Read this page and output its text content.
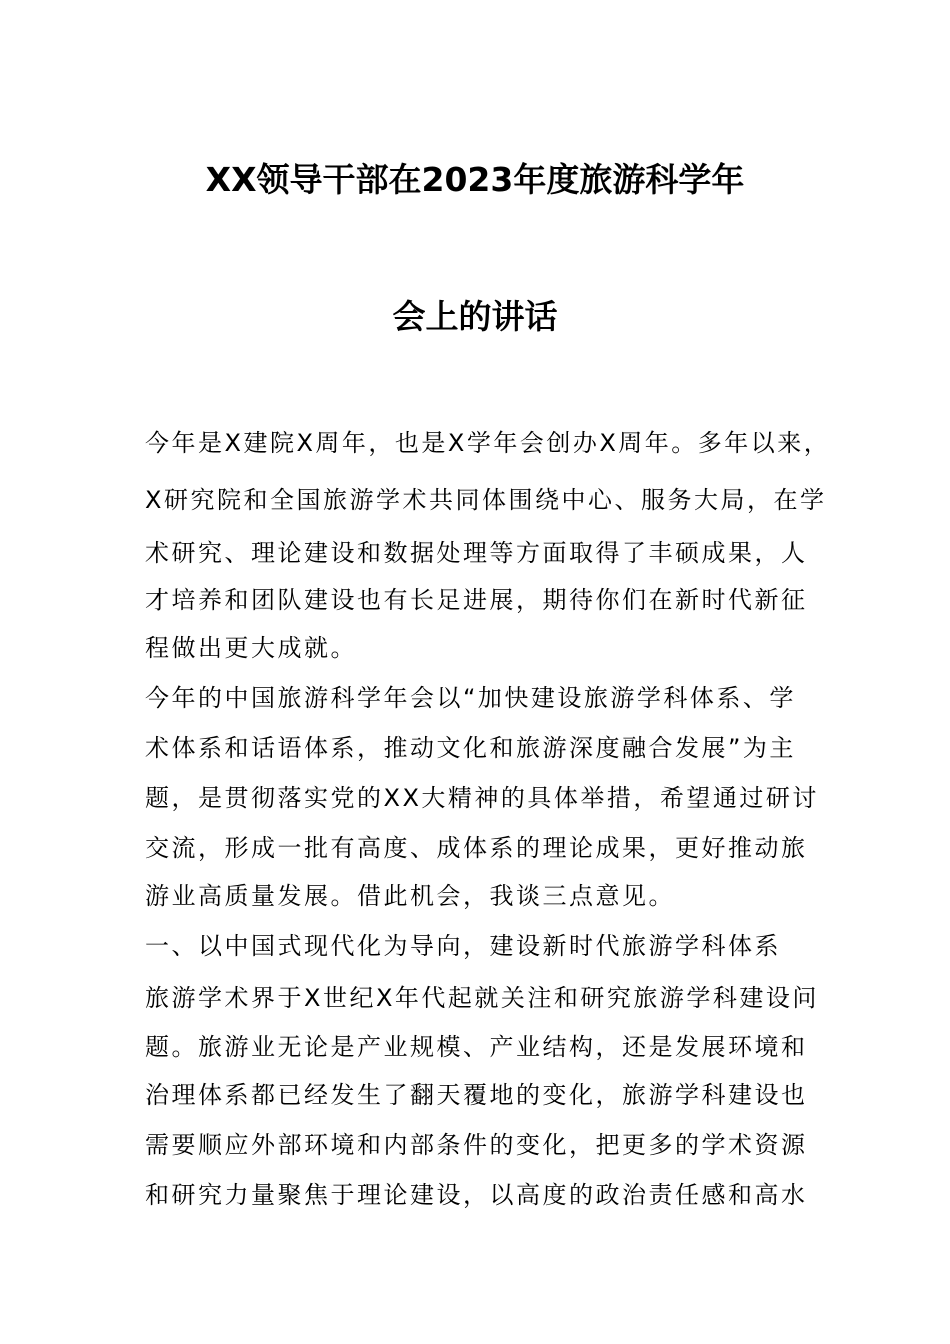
XX领导干部在2023年度旅游科学年
会上的讲话
今年是X建院X周年，也是X学年会创办X周年。多年以来，
X研究院和全国旅游学术共同体围绕中心、服务大局，在学
术研究、理论建设和数据处理等方面取得了丰硕成果，人
才培养和团队建设也有长足进展，期待你们在新时代新征
程做出更大成就。
今年的中国旅游科学年会以“加快建设旅游学科体系、学
术体系和话语体系，推动文化和旅游深度融合发展”为主
题，是贯彻落实党的XX大精神的具体举措，希望通过研讨
交流，形成一批有高度、成体系的理论成果，更好推动旅
游业高质量发展。借此机会，我谈三点意见。
一、以中国式现代化为导向，建设新时代旅游学科体系
旅游学术界于X世纪X年代起就关注和研究旅游学科建设问
题。旅游业无论是产业规模、产业结构，还是发展环境和
治理体系都已经发生了翻天覆地的变化，旅游学科建设也
需要顺应外部环境和内部条件的变化，把更多的学术资源
和研究力量聚焦于理论建设，以高度的政治责任感和高水
